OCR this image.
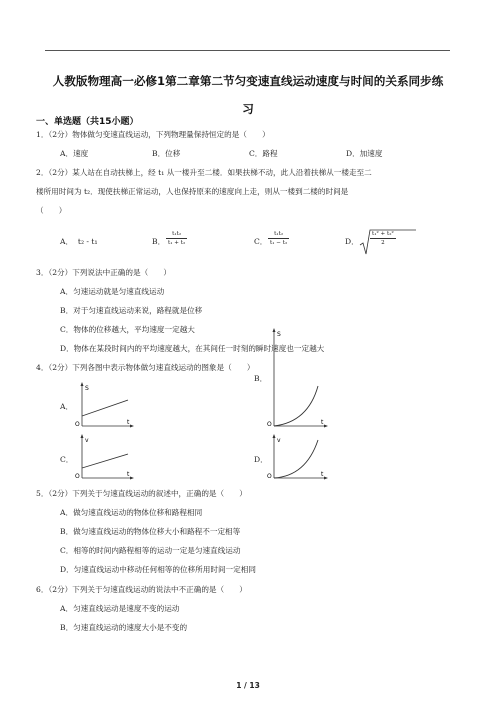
人教版物理高一必修1第二章第二节匀变速直线运动速度与时间的关系同步练
习
一、单选题（共15小题）
1．（2分）物体做匀变速直线运动，下列物理量保持恒定的是（　　）
A．速度	B．位移	C．路程	D．加速度
2．（2分）某人站在自动扶梯上，经 t₁ 从一楼升至二楼．如果扶梯不动，此人沿着扶梯从一楼走至二
楼所用时间为 t₂．现使扶梯正常运动，人也保持原来的速度向上走，则从一楼到二楼的时间是
（　　）
A． t₂ - t₁	B． $\frac{\text{t₁t₂}}{\text{t₁ + t₂}}$	C． $\frac{\text{t₁t₂}}{\text{t₁ − t₂}}$	D． $\frac{\text{t₁² + t₂²}}{2}$
3．（2分）下列说法中正确的是（　　）
A．匀速运动就是匀速直线运动
B．对于匀速直线运动来说，路程就是位移
C．物体的位移越大，平均速度一定越大
D．物体在某段时间内的平均速度越大，在其间任一时刻的瞬时速度也一定越大
4．（2分）下列各图中表示物体做匀速直线运动的图象是（　　）
A．
S
t
O
B．
S
t
O
C．
v
t
O
D．
v
t
O
5．（2分）下列关于匀速直线运动的叙述中，正确的是（　　）
A．做匀速直线运动的物体位移和路程相同
B．做匀速直线运动的物体位移大小和路程不一定相等
C．相等的时间内路程相等的运动一定是匀速直线运动
D．匀速直线运动中移动任何相等的位移所用时间一定相同
6．（2分）下列关于匀速直线运动的说法中不正确的是（　　）
A．匀速直线运动是速度不变的运动
B．匀速直线运动的速度大小是不变的
1 / 13
